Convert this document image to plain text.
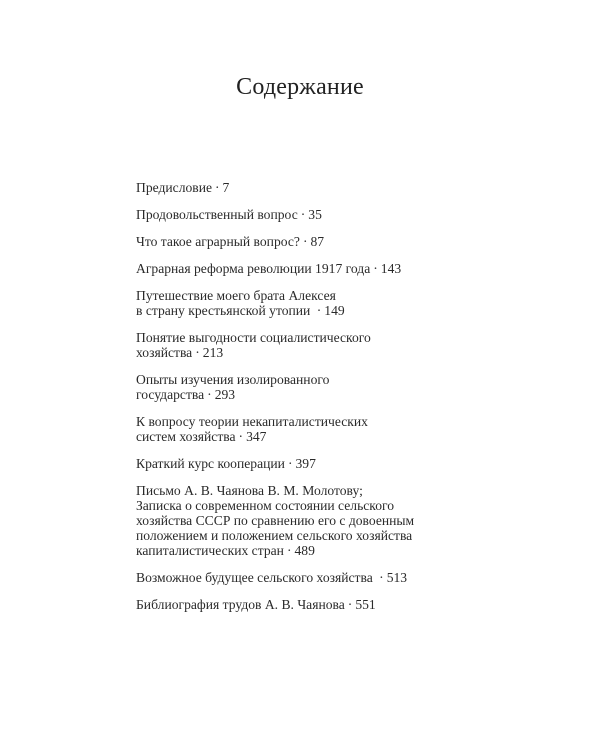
Содержание
Предисловие · 7
Продовольственный вопрос · 35
Что такое аграрный вопрос? · 87
Аграрная реформа революции 1917 года · 143
Путешествие моего брата Алексея
в страну крестьянской утопии · 149
Понятие выгодности социалистического
хозяйства · 213
Опыты изучения изолированного
государства · 293
К вопросу теории некапиталистических
систем хозяйства · 347
Краткий курс кооперации · 397
Письмо А. В. Чаянова В. М. Молотову;
Записка о современном состоянии сельского
хозяйства СССР по сравнению его с довоенным
положением и положением сельского хозяйства
капиталистических стран · 489
Возможное будущее сельского хозяйства · 513
Библиография трудов А. В. Чаянова · 551
